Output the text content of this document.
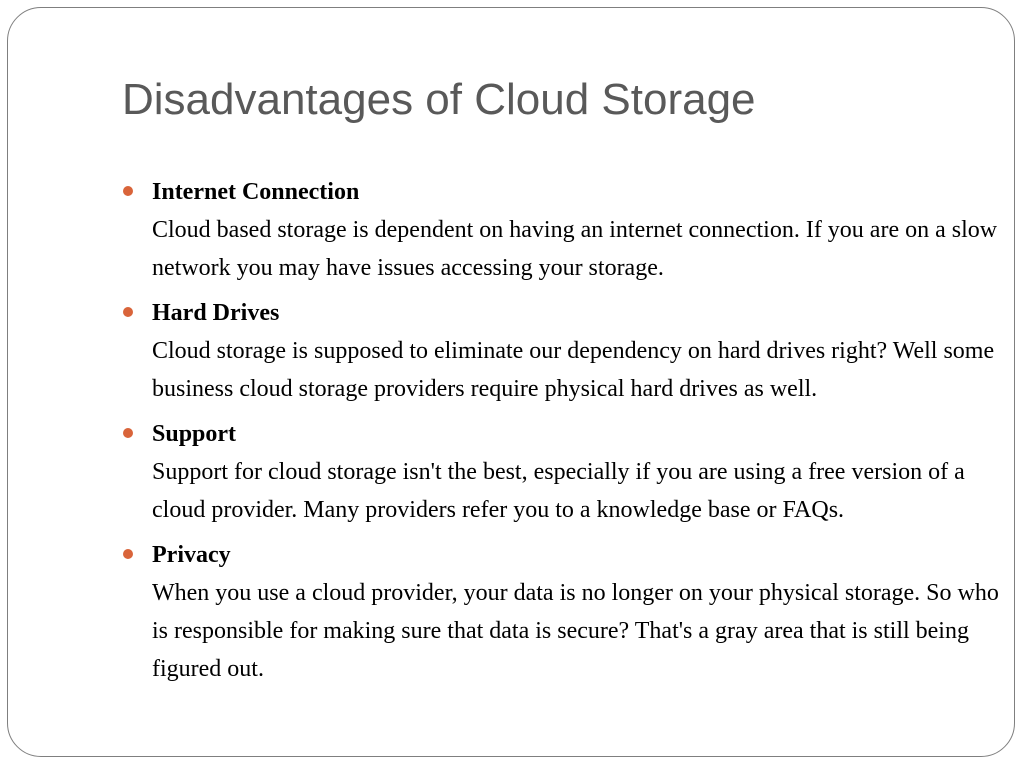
Disadvantages of Cloud Storage
Internet Connection
Cloud based storage is dependent on having an internet connection. If you are on a slow network you may have issues accessing your storage.
Hard Drives
Cloud storage is supposed to eliminate our dependency on hard drives right? Well some business cloud storage providers require physical hard drives as well.
Support
Support for cloud storage isn't the best, especially if you are using a free version of a cloud provider. Many providers refer you to a knowledge base or FAQs.
Privacy
When you use a cloud provider, your data is no longer on your physical storage. So who is responsible for making sure that data is secure? That's a gray area that is still being figured out.
